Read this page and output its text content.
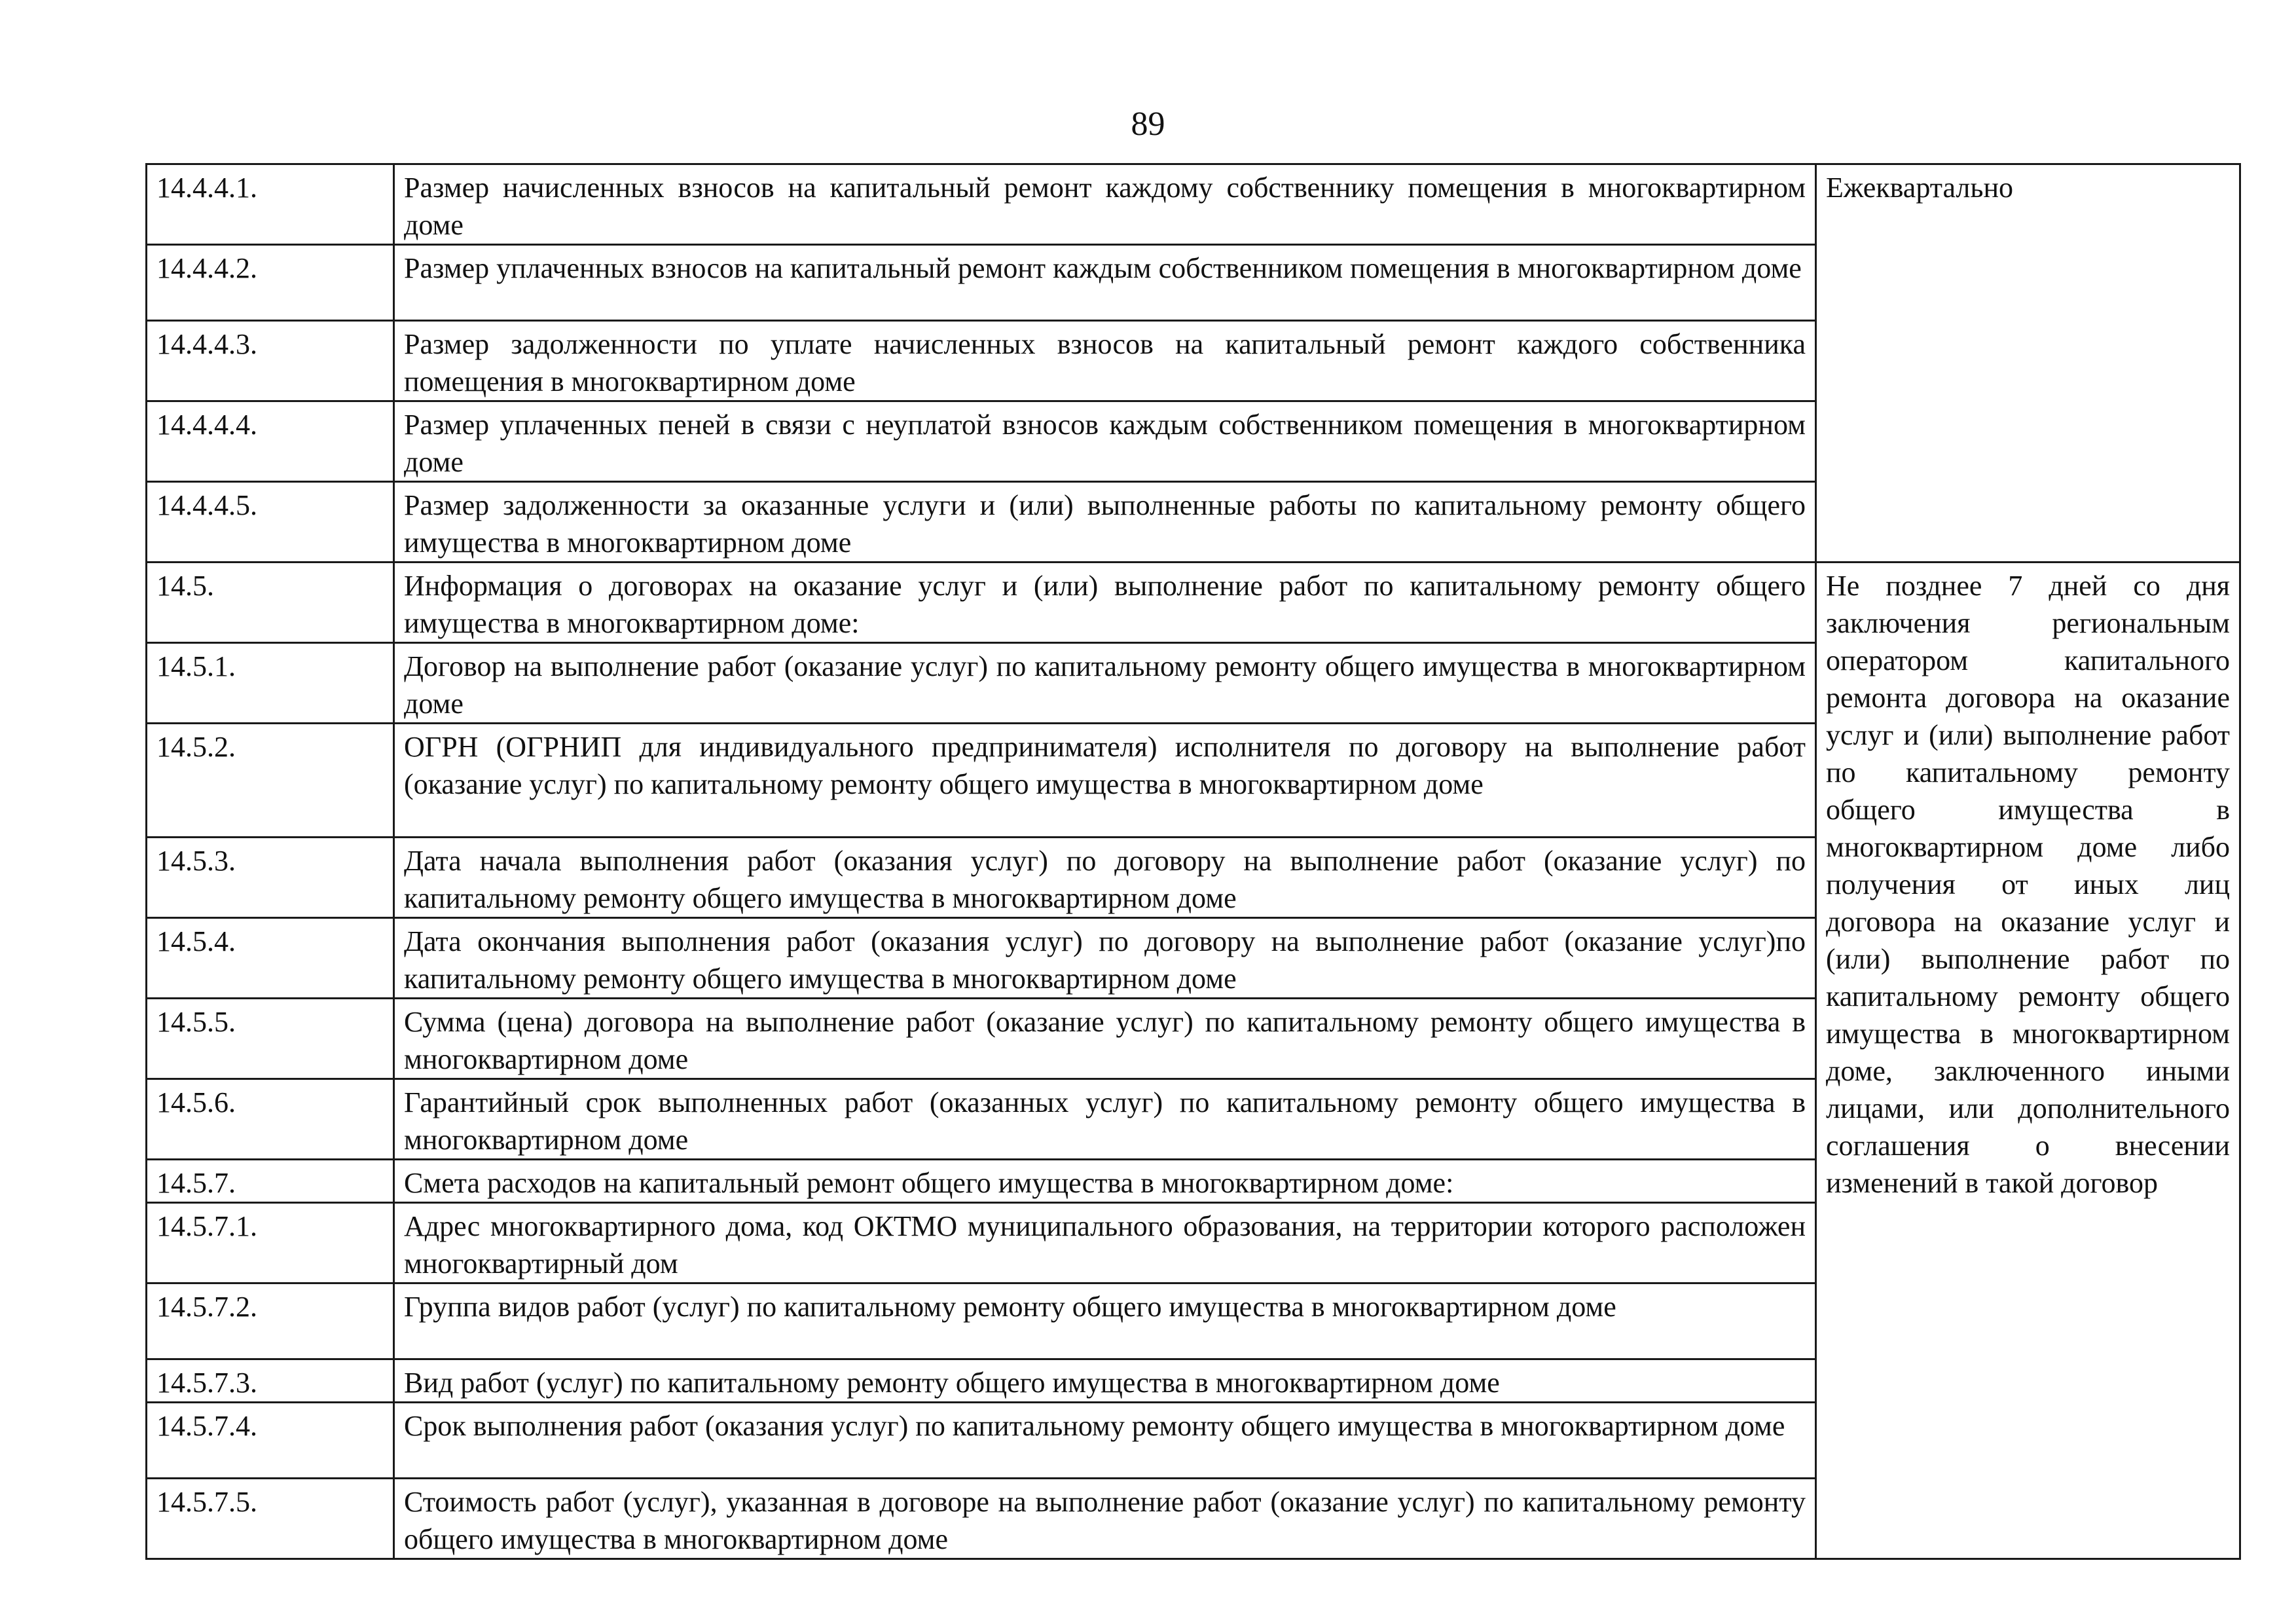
89
14.4.4.1.	Размер начисленных взносов на капитальный ремонт каждому собственнику помещения в многоквартирном доме	Ежеквартально
14.4.4.2.	Размер уплаченных взносов на капитальный ремонт каждым собственником помещения в многоквартирном доме	
14.4.4.3.	Размер задолженности по уплате начисленных взносов на капитальный ремонт каждого собственника помещения в многоквартирном доме	
14.4.4.4.	Размер уплаченных пеней в связи с неуплатой взносов каждым собственником помещения в многоквартирном доме	
14.4.4.5.	Размер задолженности за оказанные услуги и (или) выполненные работы по капитальному ремонту общего имущества в многоквартирном доме	
14.5.	Информация о договорах на оказание услуг и (или) выполнение работ по капитальному ремонту общего имущества в многоквартирном доме:	Не позднее 7 дней со дня заключения региональным оператором капитального ремонта договора на оказание услуг и (или) выполнение работ по капитальному ремонту общего имущества в многоквартирном доме либо получения от иных лиц договора на оказание услуг и (или) выполнение работ по капитальному ремонту общего имущества в многоквартирном доме, заключенного иными лицами, или дополнительного соглашения о внесении изменений в такой договор
14.5.1.	Договор на выполнение работ (оказание услуг) по капитальному ремонту общего имущества в многоквартирном доме	
14.5.2.	ОГРН (ОГРНИП для индивидуального предпринимателя) исполнителя по договору на выполнение работ (оказание услуг) по капитальному ремонту общего имущества в многоквартирном доме	
14.5.3.	Дата начала выполнения работ (оказания услуг) по договору на выполнение работ (оказание услуг) по капитальному ремонту общего имущества в многоквартирном доме	
14.5.4.	Дата окончания выполнения работ (оказания услуг) по договору на выполнение работ (оказание услуг)по капитальному ремонту общего имущества в многоквартирном доме	
14.5.5.	Сумма (цена) договора на выполнение работ (оказание услуг) по капитальному ремонту общего имущества в многоквартирном доме	
14.5.6.	Гарантийный срок выполненных работ (оказанных услуг) по капитальному ремонту общего имущества в многоквартирном доме	
14.5.7.	Смета расходов на капитальный ремонт общего имущества в многоквартирном доме:	
14.5.7.1.	Адрес многоквартирного дома, код ОКТМО муниципального образования, на территории которого расположен многоквартирный дом	
14.5.7.2.	Группа видов работ (услуг) по капитальному ремонту общего имущества в многоквартирном доме	
14.5.7.3.	Вид работ (услуг) по капитальному ремонту общего имущества в многоквартирном доме	
14.5.7.4.	Срок выполнения работ (оказания услуг) по капитальному ремонту общего имущества в многоквартирном доме	
14.5.7.5.	Стоимость работ (услуг), указанная в договоре на выполнение работ (оказание услуг) по капитальному ремонту общего имущества в многоквартирном доме	
